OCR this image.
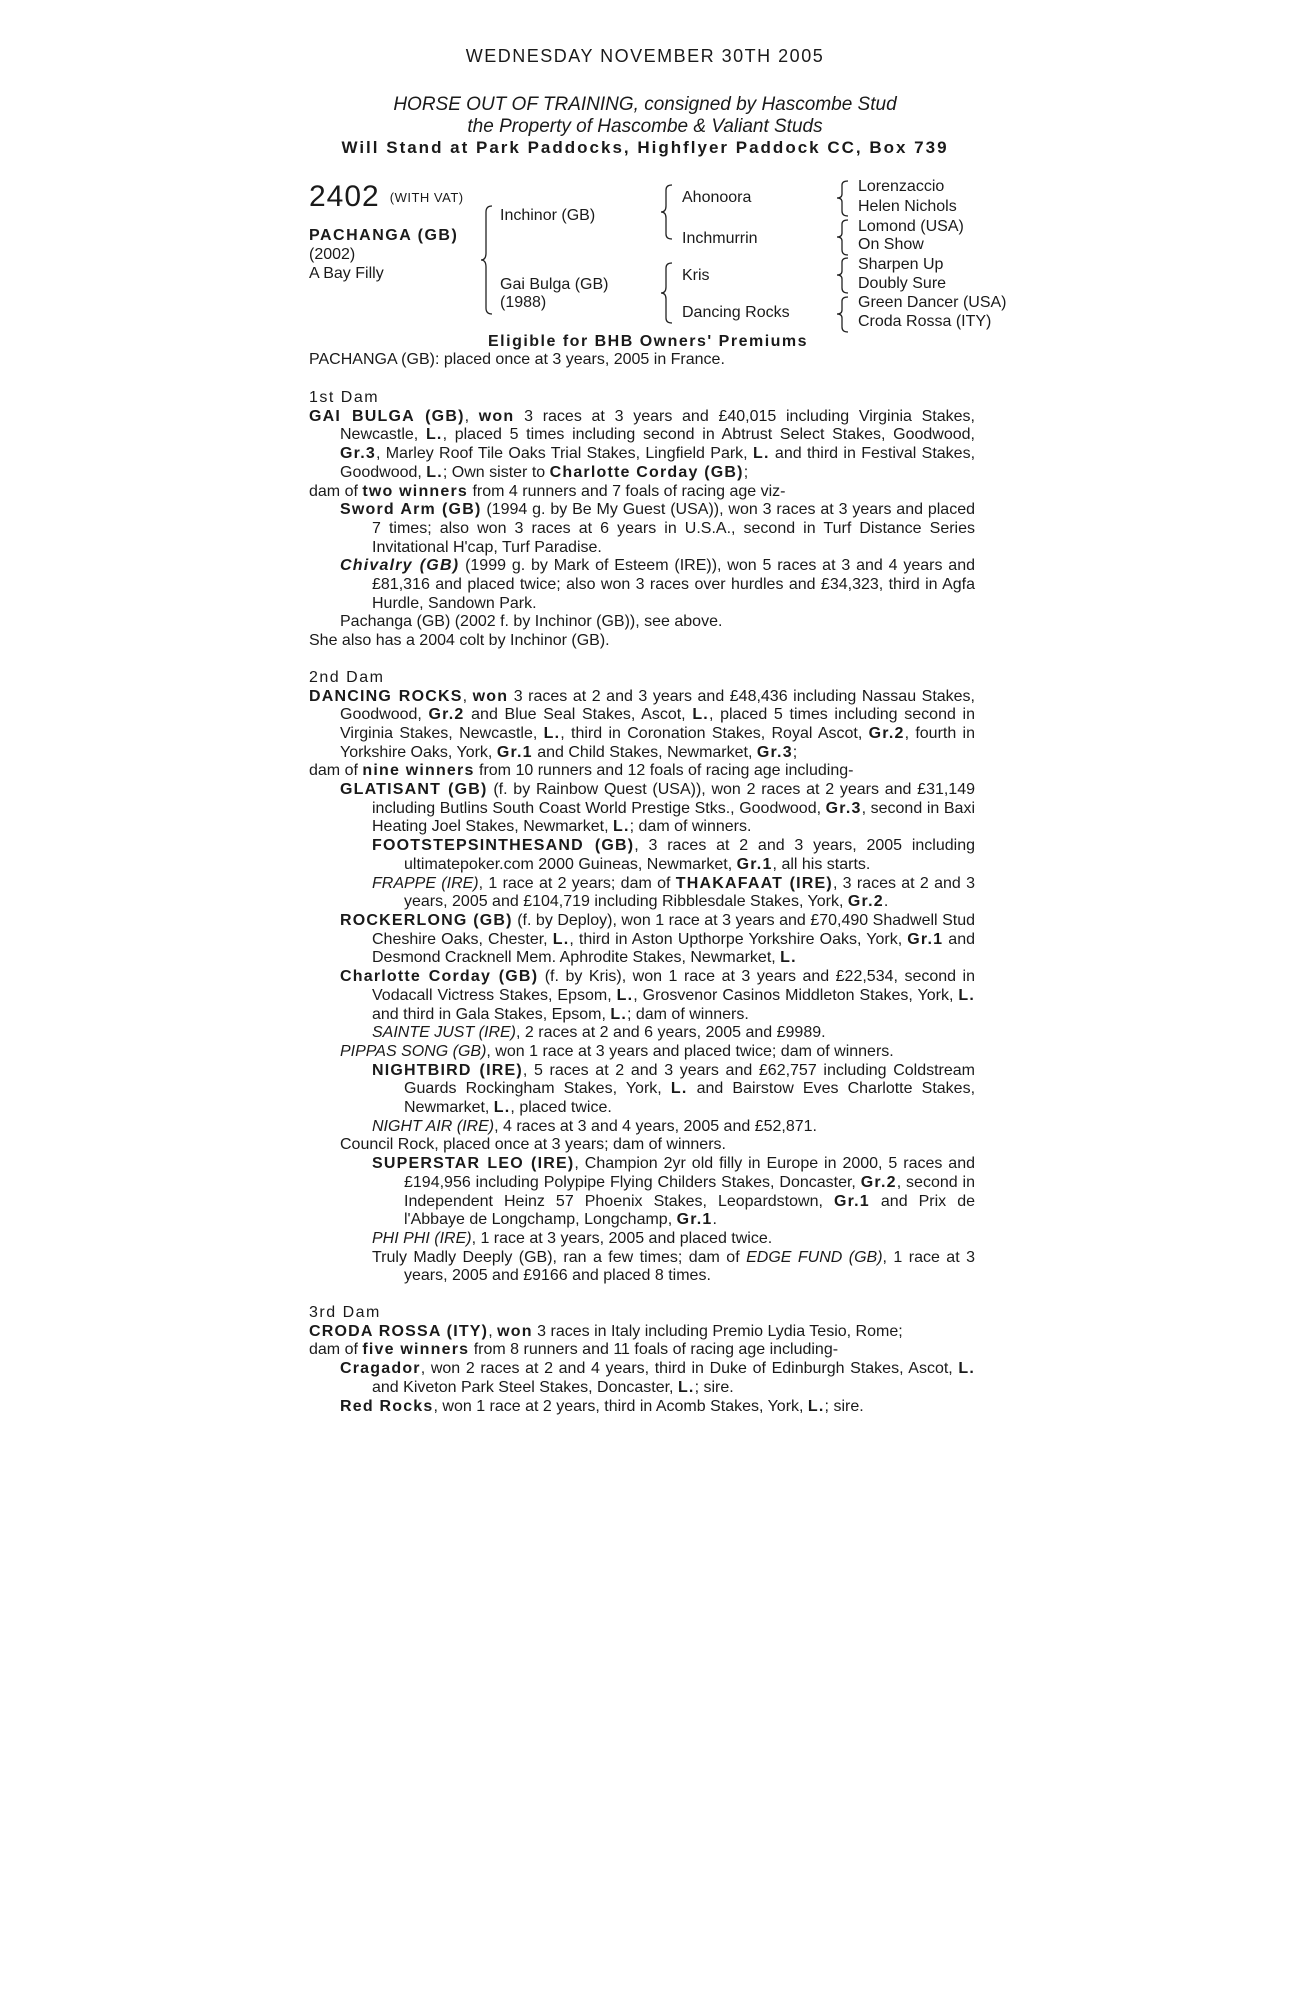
WEDNESDAY NOVEMBER 30TH 2005
HORSE OUT OF TRAINING, consigned by Hascombe Stud
the Property of Hascombe & Valiant Studs
Will Stand at Park Paddocks, Highflyer Paddock CC, Box 739
2402 (WITH VAT)
PACHANGA (GB)
(2002)
A Bay Filly
Inchinor (GB)
Gai Bulga (GB)
(1988)
Ahonoora
Inchmurrin
Kris
Dancing Rocks
Lorenzaccio
Helen Nichols
Lomond (USA)
On Show
Sharpen Up
Doubly Sure
Green Dancer (USA)
Croda Rossa (ITY)
Eligible for BHB Owners' Premiums
PACHANGA (GB): placed once at 3 years, 2005 in France.
1st Dam
GAI BULGA (GB), won 3 races at 3 years and £40,015 including Virginia Stakes, Newcastle, L., placed 5 times including second in Abtrust Select Stakes, Goodwood, Gr.3, Marley Roof Tile Oaks Trial Stakes, Lingfield Park, L. and third in Festival Stakes, Goodwood, L.; Own sister to Charlotte Corday (GB);
dam of two winners from 4 runners and 7 foals of racing age viz-
Sword Arm (GB) (1994 g. by Be My Guest (USA)), won 3 races at 3 years and placed 7 times; also won 3 races at 6 years in U.S.A., second in Turf Distance Series Invitational H'cap, Turf Paradise.
Chivalry (GB) (1999 g. by Mark of Esteem (IRE)), won 5 races at 3 and 4 years and £81,316 and placed twice; also won 3 races over hurdles and £34,323, third in Agfa Hurdle, Sandown Park.
Pachanga (GB) (2002 f. by Inchinor (GB)), see above.
She also has a 2004 colt by Inchinor (GB).
2nd Dam
DANCING ROCKS, won 3 races at 2 and 3 years and £48,436 including Nassau Stakes, Goodwood, Gr.2 and Blue Seal Stakes, Ascot, L., placed 5 times including second in Virginia Stakes, Newcastle, L., third in Coronation Stakes, Royal Ascot, Gr.2, fourth in Yorkshire Oaks, York, Gr.1 and Child Stakes, Newmarket, Gr.3;
dam of nine winners from 10 runners and 12 foals of racing age including-
GLATISANT (GB) (f. by Rainbow Quest (USA)), won 2 races at 2 years and £31,149 including Butlins South Coast World Prestige Stks., Goodwood, Gr.3, second in Baxi Heating Joel Stakes, Newmarket, L.; dam of winners.
FOOTSTEPSINTHESAND (GB), 3 races at 2 and 3 years, 2005 including ultimatepoker.com 2000 Guineas, Newmarket, Gr.1, all his starts.
FRAPPE (IRE), 1 race at 2 years; dam of THAKAFAAT (IRE), 3 races at 2 and 3 years, 2005 and £104,719 including Ribblesdale Stakes, York, Gr.2.
ROCKERLONG (GB) (f. by Deploy), won 1 race at 3 years and £70,490 Shadwell Stud Cheshire Oaks, Chester, L., third in Aston Upthorpe Yorkshire Oaks, York, Gr.1 and Desmond Cracknell Mem. Aphrodite Stakes, Newmarket, L.
Charlotte Corday (GB) (f. by Kris), won 1 race at 3 years and £22,534, second in Vodacall Victress Stakes, Epsom, L., Grosvenor Casinos Middleton Stakes, York, L. and third in Gala Stakes, Epsom, L.; dam of winners.
SAINTE JUST (IRE), 2 races at 2 and 6 years, 2005 and £9989.
PIPPAS SONG (GB), won 1 race at 3 years and placed twice; dam of winners.
NIGHTBIRD (IRE), 5 races at 2 and 3 years and £62,757 including Coldstream Guards Rockingham Stakes, York, L. and Bairstow Eves Charlotte Stakes, Newmarket, L., placed twice.
NIGHT AIR (IRE), 4 races at 3 and 4 years, 2005 and £52,871.
Council Rock, placed once at 3 years; dam of winners.
SUPERSTAR LEO (IRE), Champion 2yr old filly in Europe in 2000, 5 races and £194,956 including Polypipe Flying Childers Stakes, Doncaster, Gr.2, second in Independent Heinz 57 Phoenix Stakes, Leopardstown, Gr.1 and Prix de l'Abbaye de Longchamp, Longchamp, Gr.1.
PHI PHI (IRE), 1 race at 3 years, 2005 and placed twice.
Truly Madly Deeply (GB), ran a few times; dam of EDGE FUND (GB), 1 race at 3 years, 2005 and £9166 and placed 8 times.
3rd Dam
CRODA ROSSA (ITY), won 3 races in Italy including Premio Lydia Tesio, Rome;
dam of five winners from 8 runners and 11 foals of racing age including-
Cragador, won 2 races at 2 and 4 years, third in Duke of Edinburgh Stakes, Ascot, L. and Kiveton Park Steel Stakes, Doncaster, L.; sire.
Red Rocks, won 1 race at 2 years, third in Acomb Stakes, York, L.; sire.
